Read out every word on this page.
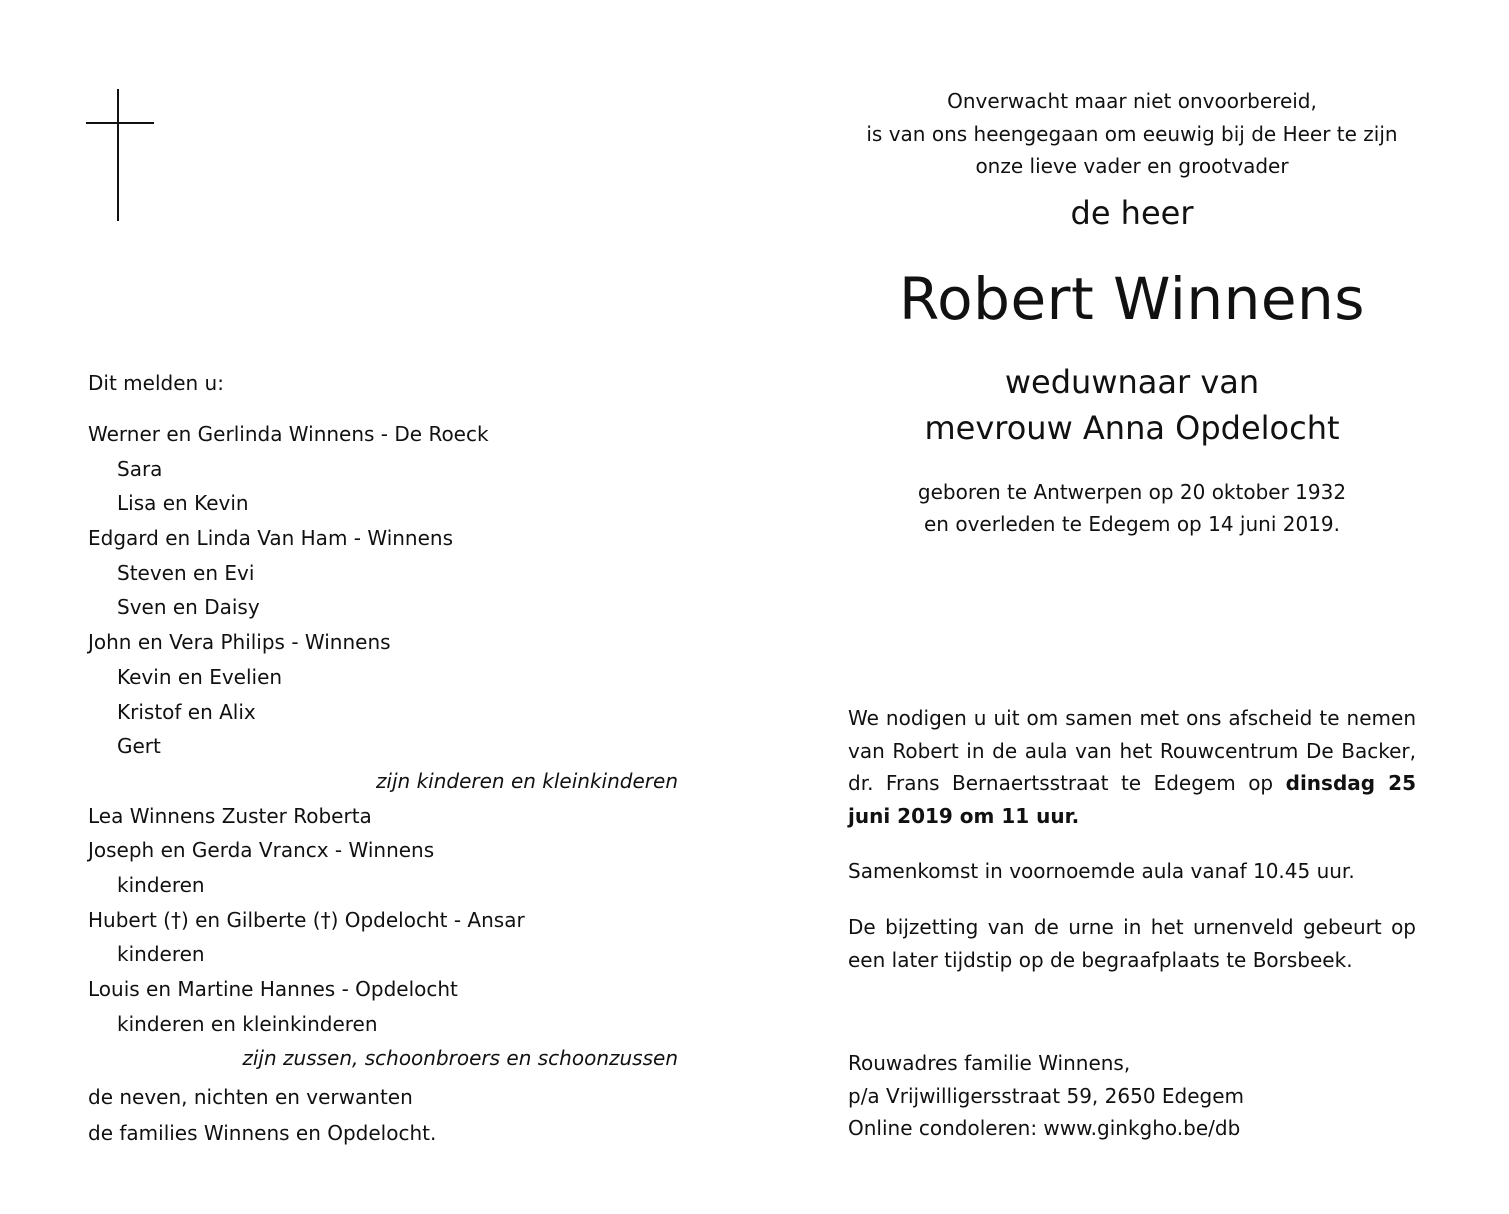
Onverwacht maar niet onvoorbereid,
is van ons heengegaan om eeuwig bij de Heer te zijn
onze lieve vader en grootvader
de heer
Robert Winnens
weduwnaar van
mevrouw Anna Opdelocht
geboren te Antwerpen op 20 oktober 1932
en overleden te Edegem op 14 juni 2019.
Dit melden u:
Werner en Gerlinda Winnens - De Roeck
Sara
Lisa en Kevin
Edgard en Linda Van Ham - Winnens
Steven en Evi
Sven en Daisy
John en Vera Philips - Winnens
Kevin en Evelien
Kristof en Alix
Gert
zijn kinderen en kleinkinderen
Lea Winnens Zuster Roberta
Joseph en Gerda Vrancx - Winnens
kinderen
Hubert (†) en Gilberte (†) Opdelocht - Ansar
kinderen
Louis en Martine Hannes - Opdelocht
kinderen en kleinkinderen
zijn zussen, schoonbroers en schoonzussen
de neven, nichten en verwanten
de families Winnens en Opdelocht.

We nodigen u uit om samen met ons afscheid te nemen van Robert in de aula van het Rouwcentrum De Backer, dr. Frans Bernaertsstraat te Edegem op dinsdag 25 juni 2019 om 11 uur.

Samenkomst in voornoemde aula vanaf 10.45 uur.

De bijzetting van de urne in het urnenveld gebeurt op een later tijdstip op de begraafplaats te Borsbeek.

Rouwadres familie Winnens,
p/a Vrijwilligersstraat 59, 2650 Edegem
Online condoleren: www.ginkgho.be/db
